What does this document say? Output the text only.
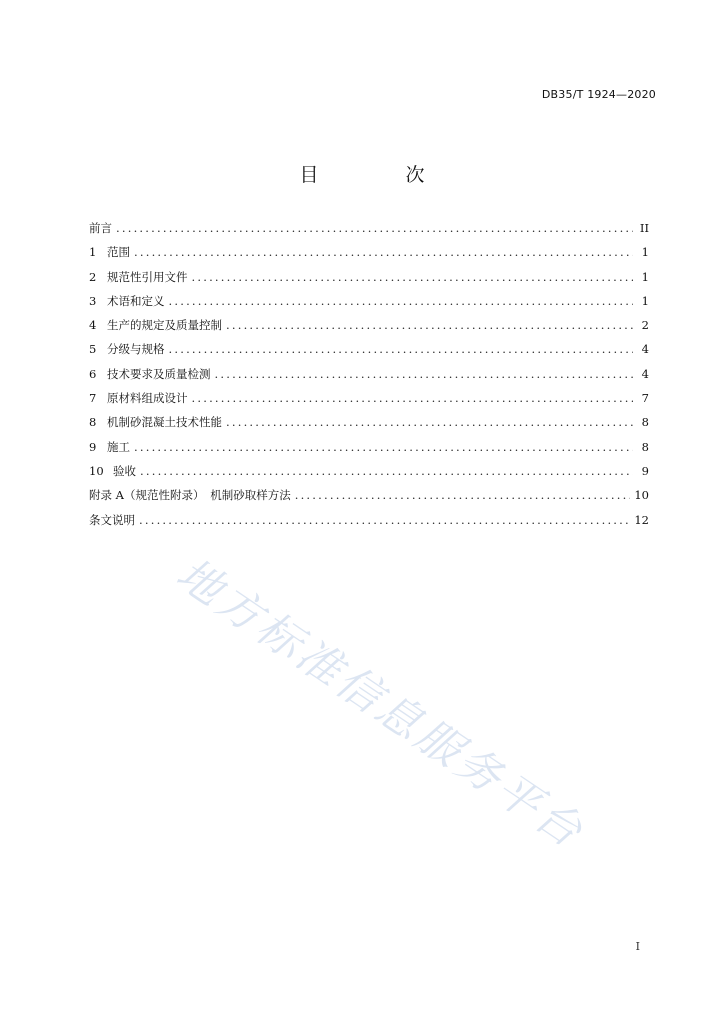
DB35/T 1924—2020
目　次
前言 .....	II
1 范围 .....	1
2 规范性引用文件 .....	1
3 术语和定义 .....	1
4 生产的规定及质量控制 .....	2
5 分级与规格 .....	4
6 技术要求及质量检测 .....	4
7 原材料组成设计 .....	7
8 机制砂混凝土技术性能 .....	8
9 施工 .....	8
10 验收 .....	9
附录 A（规范性附录）　机制砂取样方法 .....	10
条文说明 .....	12
地方标准信息服务平台
I
